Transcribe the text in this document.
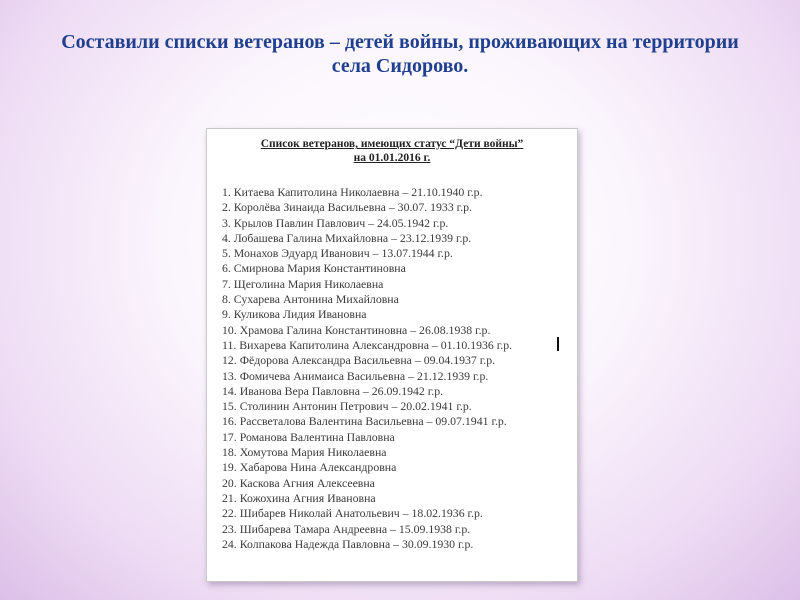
Составили списки ветеранов – детей войны, проживающих на территории села Сидорово.
Список ветеранов, имеющих статус “Дети войны”
на 01.01.2016 г.
1. Китаева Капитолина Николаевна – 21.10.1940 г.р.
2. Королёва Зинаида Васильевна – 30.07. 1933 г.р.
3. Крылов Павлин Павлович – 24.05.1942 г.р.
4. Лобашева Галина Михайловна – 23.12.1939 г.р.
5. Монахов Эдуард Иванович – 13.07.1944 г.р.
6. Смирнова Мария Константиновна
7. Щеголина Мария Николаевна
8. Сухарева Антонина Михайловна
9. Куликова Лидия Ивановна
10. Храмова Галина Константиновна – 26.08.1938 г.р.
11. Вихарева Капитолина Александровна – 01.10.1936 г.р.
12. Фёдорова Александра Васильевна – 09.04.1937 г.р.
13. Фомичева Анимаиса Васильевна – 21.12.1939 г.р.
14. Иванова Вера Павловна – 26.09.1942 г.р.
15. Столинин Антонин Петрович – 20.02.1941 г.р.
16. Рассветалова Валентина Васильевна – 09.07.1941 г.р.
17. Романова Валентина Павловна
18. Хомутова Мария Николаевна
19. Хабарова Нина Александровна
20. Каскова Агния Алексеевна
21. Кожохина Агния Ивановна
22. Шибарев Николай Анатольевич – 18.02.1936 г.р.
23. Шибарева Тамара Андреевна – 15.09.1938 г.р.
24. Колпакова Надежда Павловна – 30.09.1930 г.р.
